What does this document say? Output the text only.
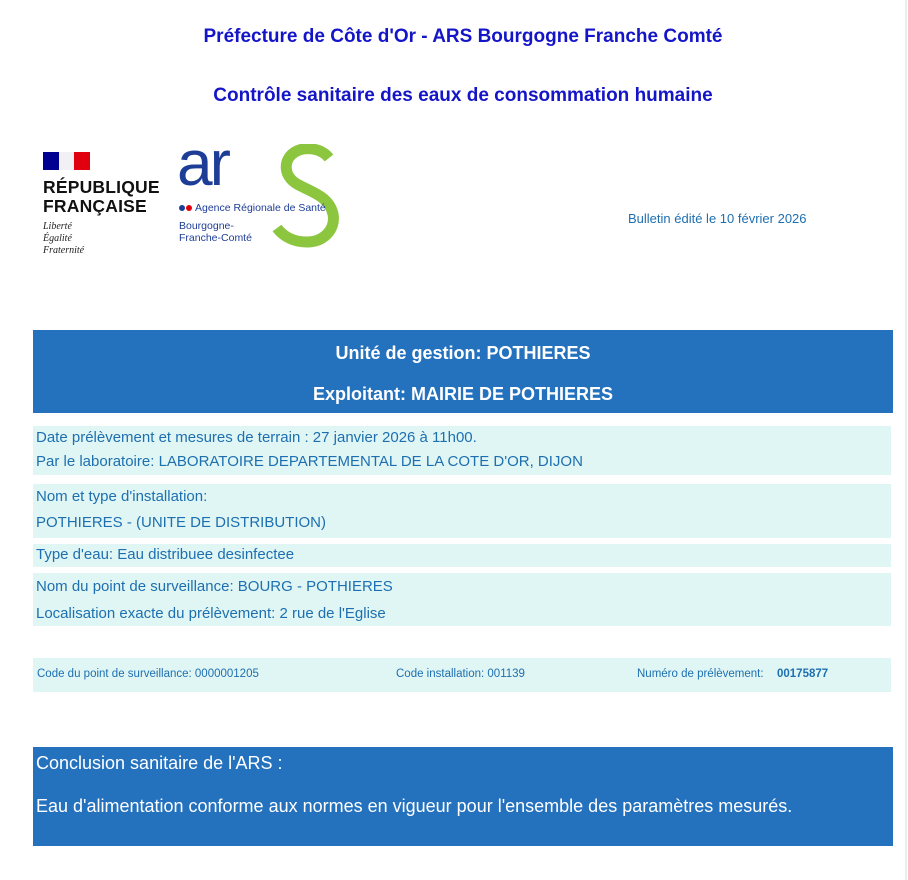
Préfecture de Côte d'Or - ARS Bourgogne Franche Comté
Contrôle sanitaire des eaux de consommation humaine
RÉPUBLIQUE
FRANÇAISE
Liberté
Égalité
Fraternité
ar
Agence Régionale de Santé
Bourgogne-
Franche-Comté
Bulletin édité le 10 février 2026
Unité de gestion: POTHIERES
Exploitant: MAIRIE DE POTHIERES
Date prélèvement et mesures de terrain : 27 janvier 2026 à 11h00.
Par le laboratoire: LABORATOIRE DEPARTEMENTAL DE LA COTE D'OR, DIJON
Nom et type d'installation:
POTHIERES - (UNITE DE DISTRIBUTION)
Type d'eau: Eau distribuee desinfectee
Nom du point de surveillance: BOURG - POTHIERES
Localisation exacte du prélèvement: 2 rue de l'Eglise
Code du point de surveillance: 0000001205	Code installation: 001139	Numéro de prélèvement: 00175877
Conclusion sanitaire de l'ARS :
Eau d'alimentation conforme aux normes en vigueur pour l'ensemble des paramètres mesurés.
